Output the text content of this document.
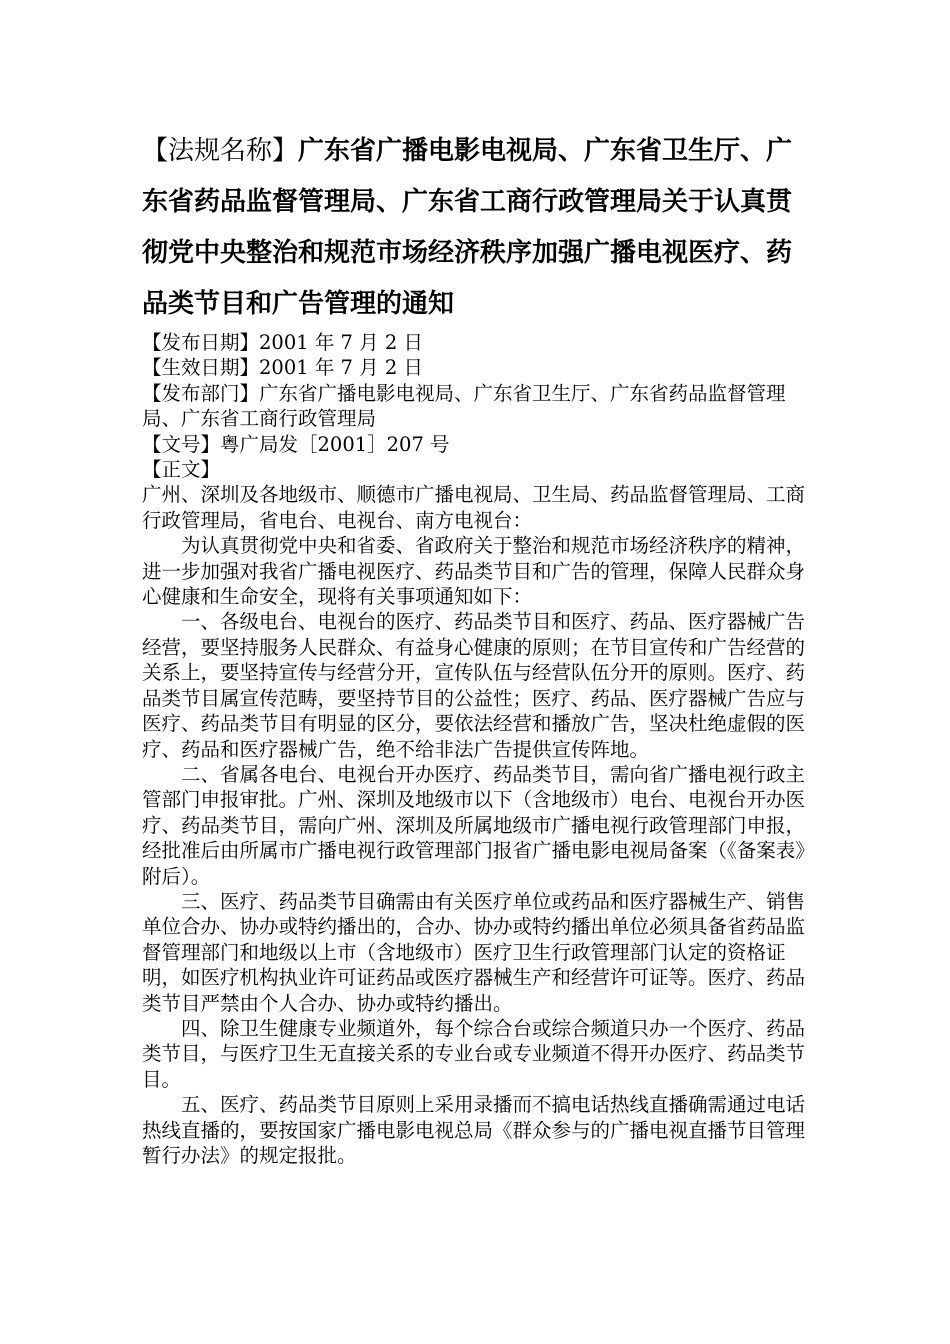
【法规名称】广东省广播电影电视局、广东省卫生厅、广东省药品监督管理局、广东省工商行政管理局关于认真贯彻党中央整治和规范市场经济秩序加强广播电视医疗、药品类节目和广告管理的通知
【发布日期】2001 年 7 月 2 日
【生效日期】2001 年 7 月 2 日
【发布部门】广东省广播电影电视局、广东省卫生厅、广东省药品监督管理局、广东省工商行政管理局
【文号】粤广局发［2001］207 号
【正文】
广州、深圳及各地级市、顺德市广播电视局、卫生局、药品监督管理局、工商行政管理局，省电台、电视台、南方电视台：
为认真贯彻党中央和省委、省政府关于整治和规范市场经济秩序的精神，进一步加强对我省广播电视医疗、药品类节目和广告的管理，保障人民群众身心健康和生命安全，现将有关事项通知如下：
一、各级电台、电视台的医疗、药品类节目和医疗、药品、医疗器械广告经营，要坚持服务人民群众、有益身心健康的原则；在节目宣传和广告经营的关系上，要坚持宣传与经营分开，宣传队伍与经营队伍分开的原则。医疗、药品类节目属宣传范畴，要坚持节目的公益性；医疗、药品、医疗器械广告应与医疗、药品类节目有明显的区分，要依法经营和播放广告，坚决杜绝虚假的医疗、药品和医疗器械广告，绝不给非法广告提供宣传阵地。
二、省属各电台、电视台开办医疗、药品类节目，需向省广播电视行政主管部门申报审批。广州、深圳及地级市以下（含地级市）电台、电视台开办医疗、药品类节目，需向广州、深圳及所属地级市广播电视行政管理部门申报，经批准后由所属市广播电视行政管理部门报省广播电影电视局备案（《备案表》附后）。
三、医疗、药品类节目确需由有关医疗单位或药品和医疗器械生产、销售单位合办、协办或特约播出的，合办、协办或特约播出单位必须具备省药品监督管理部门和地级以上市（含地级市）医疗卫生行政管理部门认定的资格证明，如医疗机构执业许可证药品或医疗器械生产和经营许可证等。医疗、药品类节目严禁由个人合办、协办或特约播出。
四、除卫生健康专业频道外，每个综合台或综合频道只办一个医疗、药品类节目，与医疗卫生无直接关系的专业台或专业频道不得开办医疗、药品类节目。
五、医疗、药品类节目原则上采用录播而不搞电话热线直播确需通过电话热线直播的，要按国家广播电影电视总局《群众参与的广播电视直播节目管理暂行办法》的规定报批。
